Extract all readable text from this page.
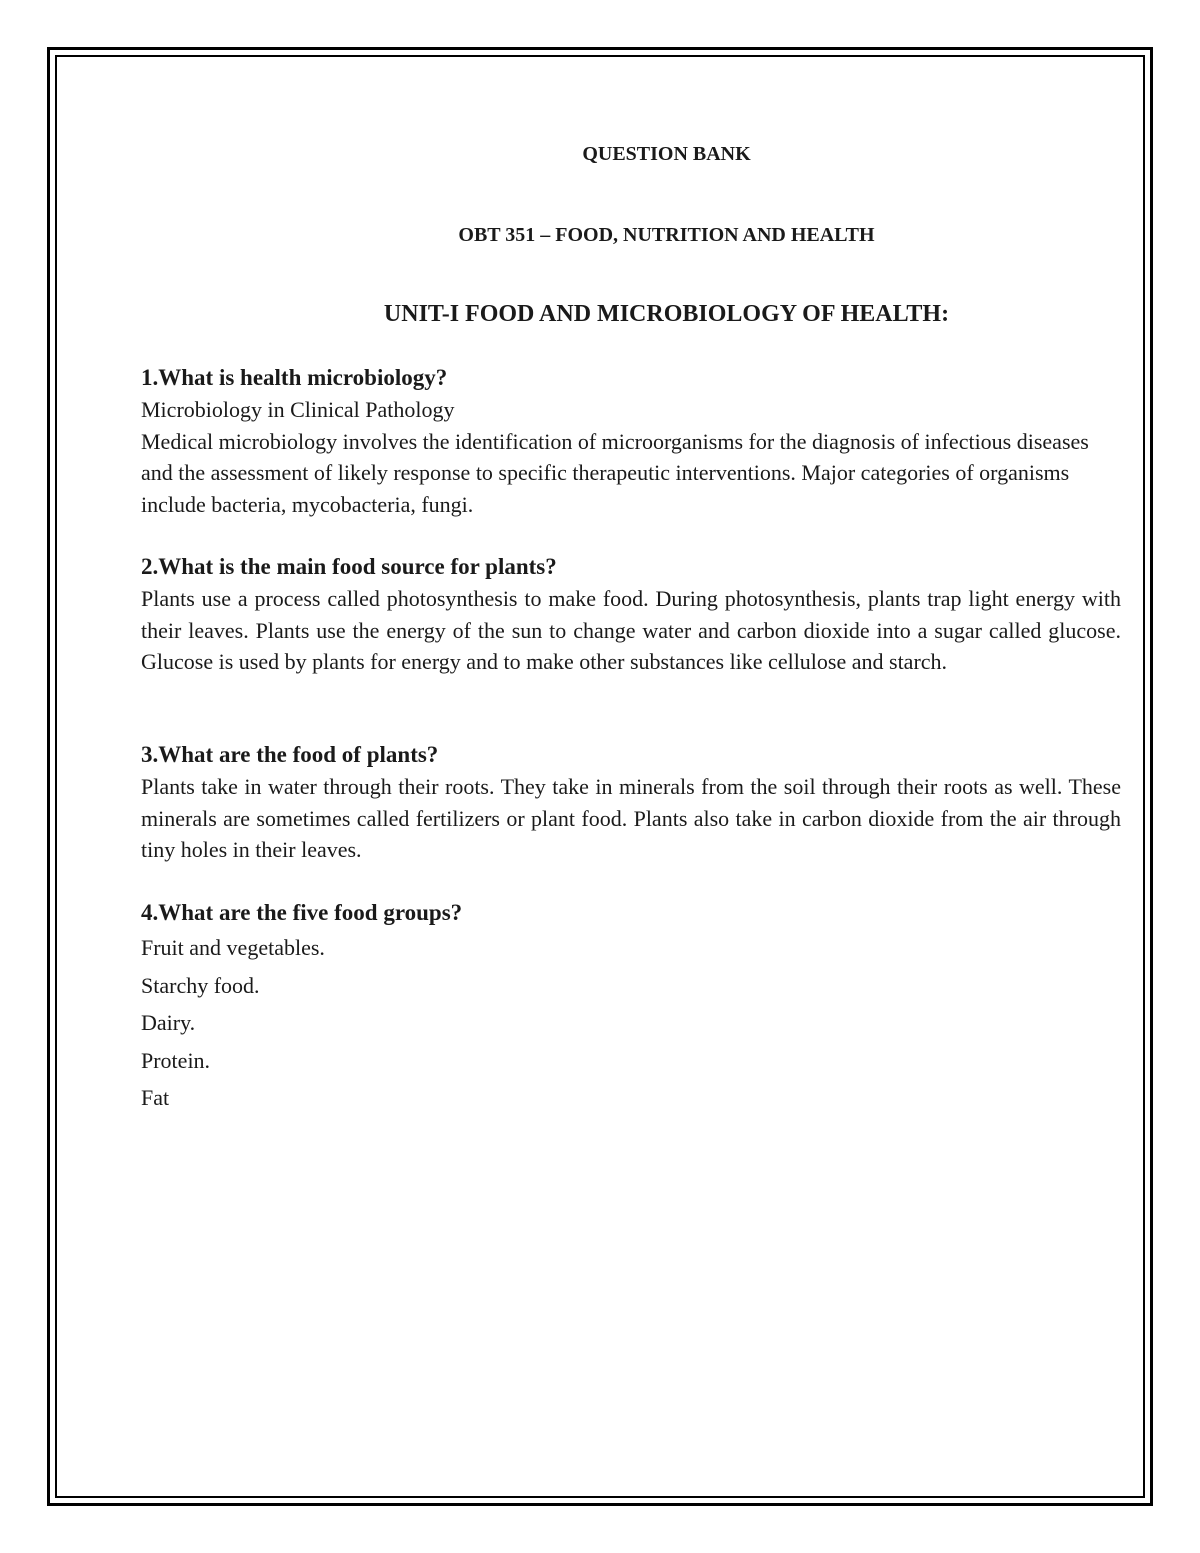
QUESTION BANK
OBT 351 – FOOD, NUTRITION AND HEALTH
UNIT-I FOOD AND MICROBIOLOGY OF HEALTH:

1.What is health microbiology?

Microbiology in Clinical Pathology

Medical microbiology involves the identification of microorganisms for the diagnosis of infectious diseases and the assessment of likely response to specific therapeutic interventions. Major categories of organisms include bacteria, mycobacteria, fungi.

2.What is the main food source for plants?

Plants use a process called photosynthesis to make food. During photosynthesis, plants trap light energy with their leaves. Plants use the energy of the sun to change water and carbon dioxide into a sugar called glucose. Glucose is used by plants for energy and to make other substances like cellulose and starch.

3.What are the food of plants?

Plants take in water through their roots. They take in minerals from the soil through their roots as well. These minerals are sometimes called fertilizers or plant food. Plants also take in carbon dioxide from the air through tiny holes in their leaves.

4.What are the five food groups?

Fruit and vegetables.

Starchy food.

Dairy.

Protein.

Fat
